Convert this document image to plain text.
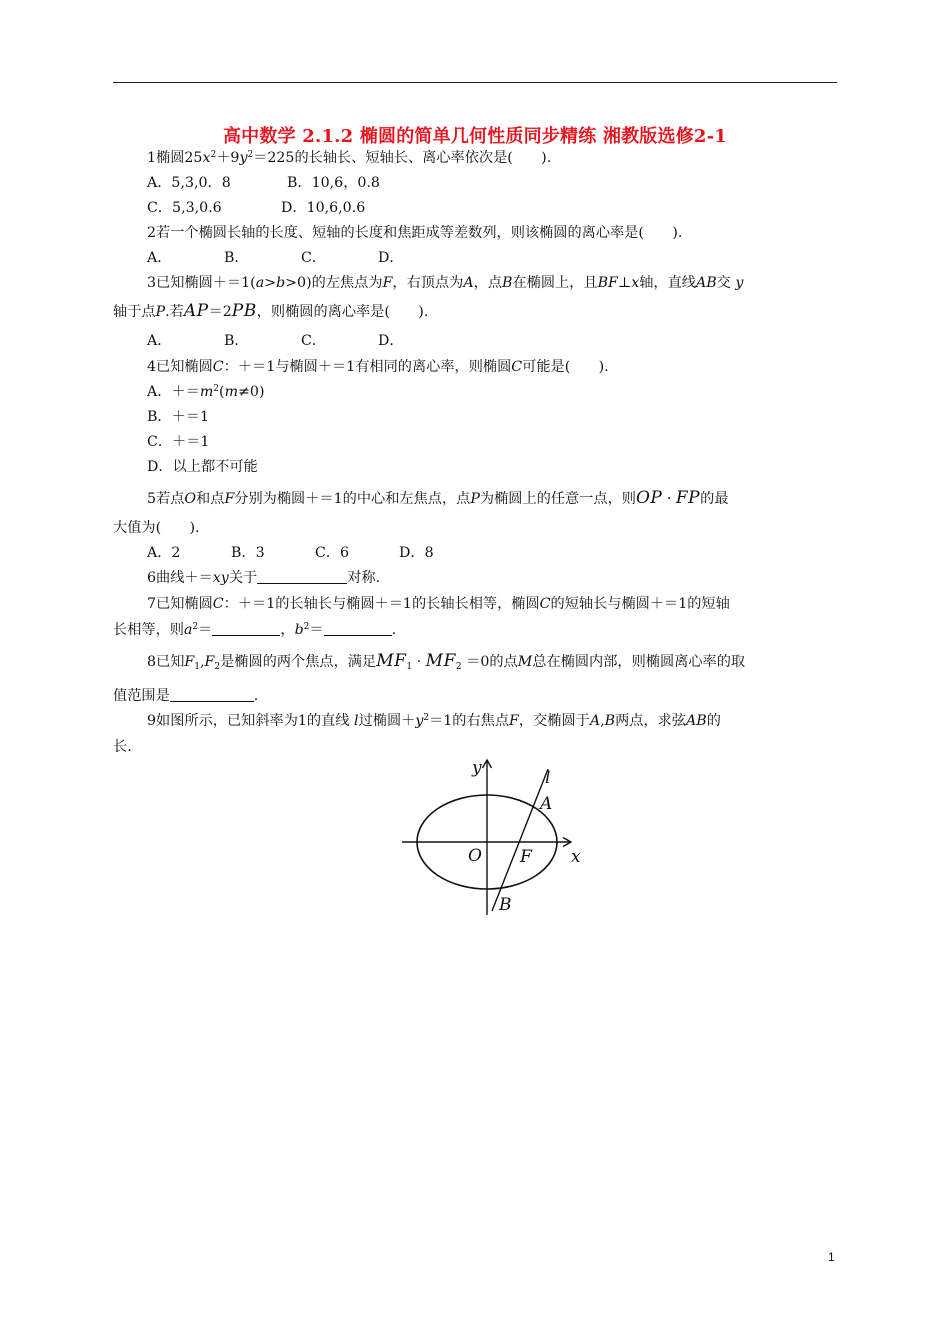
高中数学 2.1.2 椭圆的简单几何性质同步精练 湘教版选修2-1
1椭圆$25x^2+9y^2=225$的长轴长、短轴长、离心率依次是(　　).
A．5,3,0．8	B．10,6，0.8
C．5,3,0.6	D．10,6,0.6
2若一个椭圆长轴的长度、短轴的长度和焦距成等差数列，则该椭圆的离心率是(　　).
A．	B．	C．	D．
3已知椭圆＋＝1(a>b>0)的左焦点为F，右顶点为A，点B在椭圆上，且BF⊥x轴，直线AB交 y
轴于点P.若AP＝2PB，则椭圆的离心率是(　　).
A．	B．	C．	D．
4已知椭圆C：＋＝1与椭圆＋＝1有相同的离心率，则椭圆C可能是(　　).
A．$+=m^2(m\ne 0)$
B．＋＝1
C．＋＝1
D．以上都不可能
5若点O和点F分别为椭圆＋＝1的中心和左焦点，点P为椭圆上的任意一点，则OP · FP的最
大值为(　　).
A．2	B．3	C．6	D．8
6曲线＋＝xy关于	对称.
7已知椭圆C：＋＝1的长轴长与椭圆＋＝1的长轴长相等，椭圆C的短轴长与椭圆＋＝1的短轴
长相等，则$a^2=$	，$b^2=$	.
8已知$F_1,F_2$是椭圆的两个焦点，满足$MF_1 \cdot MF_2 =0$的点M总在椭圆内部，则椭圆离心率的取
值范围是	.
9如图所示，已知斜率为1的直线 l过椭圆$+y^2=1$的右焦点F，交椭圆于A,B两点，求弦AB的
长.
y	l
A
O F x
B
1
